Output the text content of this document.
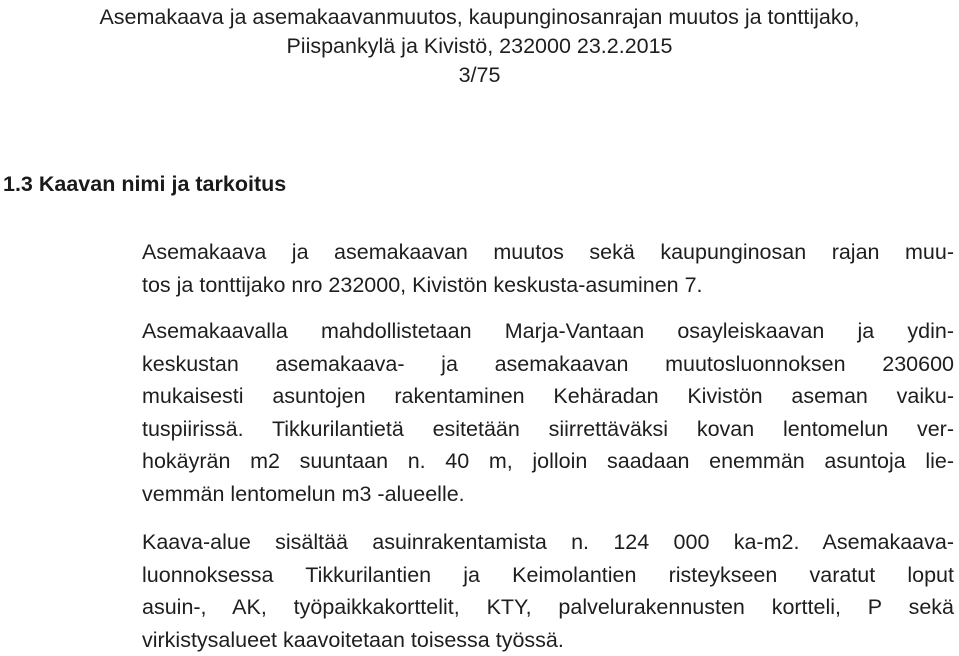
Asemakaava ja asemakaavanmuutos, kaupunginosanrajan muutos ja tonttijako,
Piispankylä ja Kivistö, 232000 23.2.2015
3/75
1.3 Kaavan nimi ja tarkoitus
Asemakaava ja asemakaavan muutos sekä kaupunginosan rajan muu-
tos ja tonttijako nro 232000, Kivistön keskusta-asuminen 7.
Asemakaavalla mahdollistetaan Marja-Vantaan osayleiskaavan ja ydin-
keskustan asemakaava- ja asemakaavan muutosluonnoksen 230600
mukaisesti asuntojen rakentaminen Kehäradan Kivistön aseman vaiku-
tuspiirissä. Tikkurilantietä esitetään siirrettäväksi kovan lentomelun ver-
hokäyrän m2 suuntaan n. 40 m, jolloin saadaan enemmän asuntoja lie-
vemmän lentomelun m3 -alueelle.
Kaava-alue sisältää asuinrakentamista n. 124 000 ka-m2. Asemakaava-
luonnoksessa Tikkurilantien ja Keimolantien risteykseen varatut loput
asuin-, AK, työpaikkakorttelit, KTY, palvelurakennusten kortteli, P sekä
virkistysalueet kaavoitetaan toisessa työssä.
